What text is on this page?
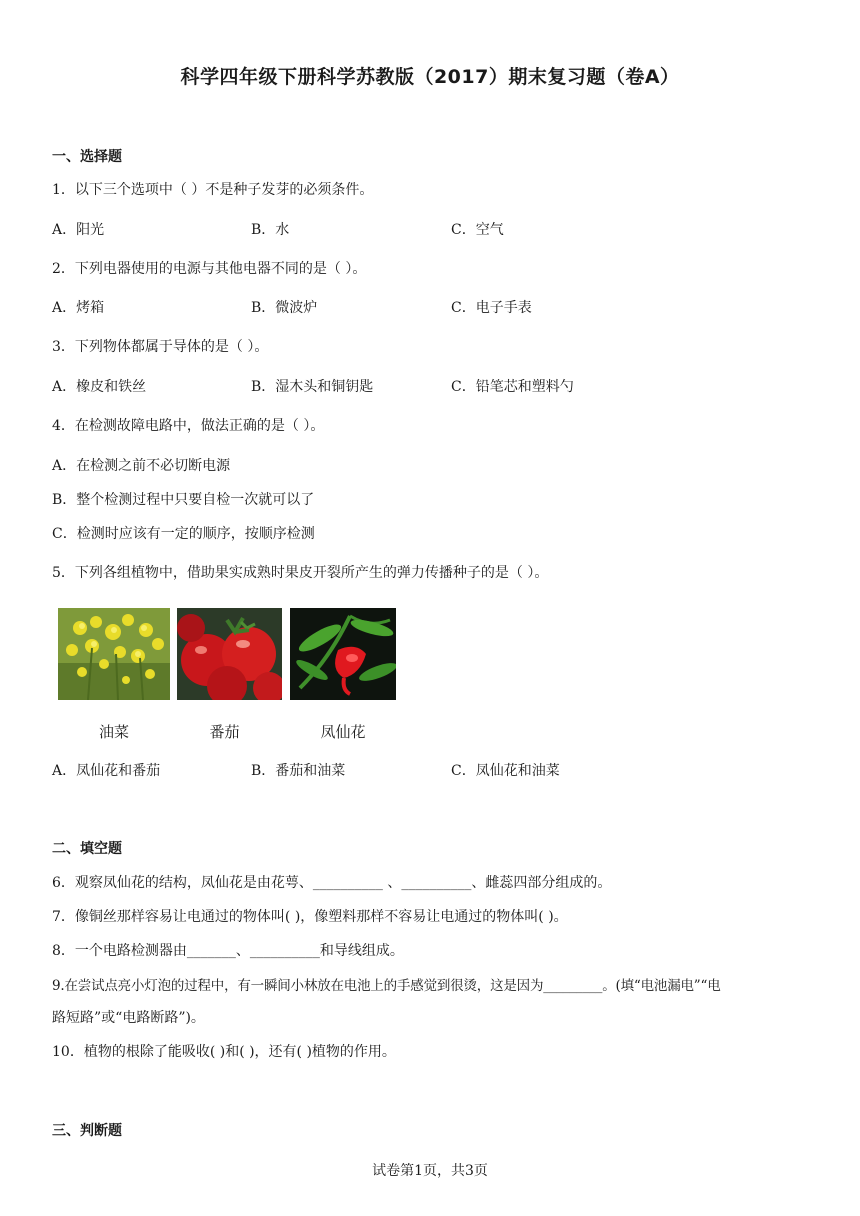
科学四年级下册科学苏教版（2017）期末复习题（卷A）
一、选择题
1．以下三个选项中（ ）不是种子发芽的必须条件。
A．阳光	B．水	C．空气
2．下列电器使用的电源与其他电器不同的是（ ）。
A．烤箱	B．微波炉	C．电子手表
3．下列物体都属于导体的是（ ）。
A．橡皮和铁丝	B．湿木头和铜钥匙	C．铅笔芯和塑料勺
4．在检测故障电路中，做法正确的是（ ）。
A．在检测之前不必切断电源
B．整个检测过程中只要自检一次就可以了
C．检测时应该有一定的顺序，按顺序检测
5．下列各组植物中，借助果实成熟时果皮开裂所产生的弹力传播种子的是（ ）。
油菜	番茄	凤仙花
A．凤仙花和番茄	B．番茄和油菜	C．凤仙花和油菜
二、填空题
6．观察凤仙花的结构，凤仙花是由花萼、__________ 、__________、雌蕊四部分组成的。
7．像铜丝那样容易让电通过的物体叫( )，像塑料那样不容易让电通过的物体叫( )。
8．一个电路检测器由_______、__________和导线组成。
9.在尝试点亮小灯泡的过程中，有一瞬间小林放在电池上的手感觉到很烫，这是因为_________。(填“电池漏电”“电
路短路”或“电路断路”)。
10．植物的根除了能吸收( )和( )，还有( )植物的作用。
三、判断题
试卷第1页，共3页
